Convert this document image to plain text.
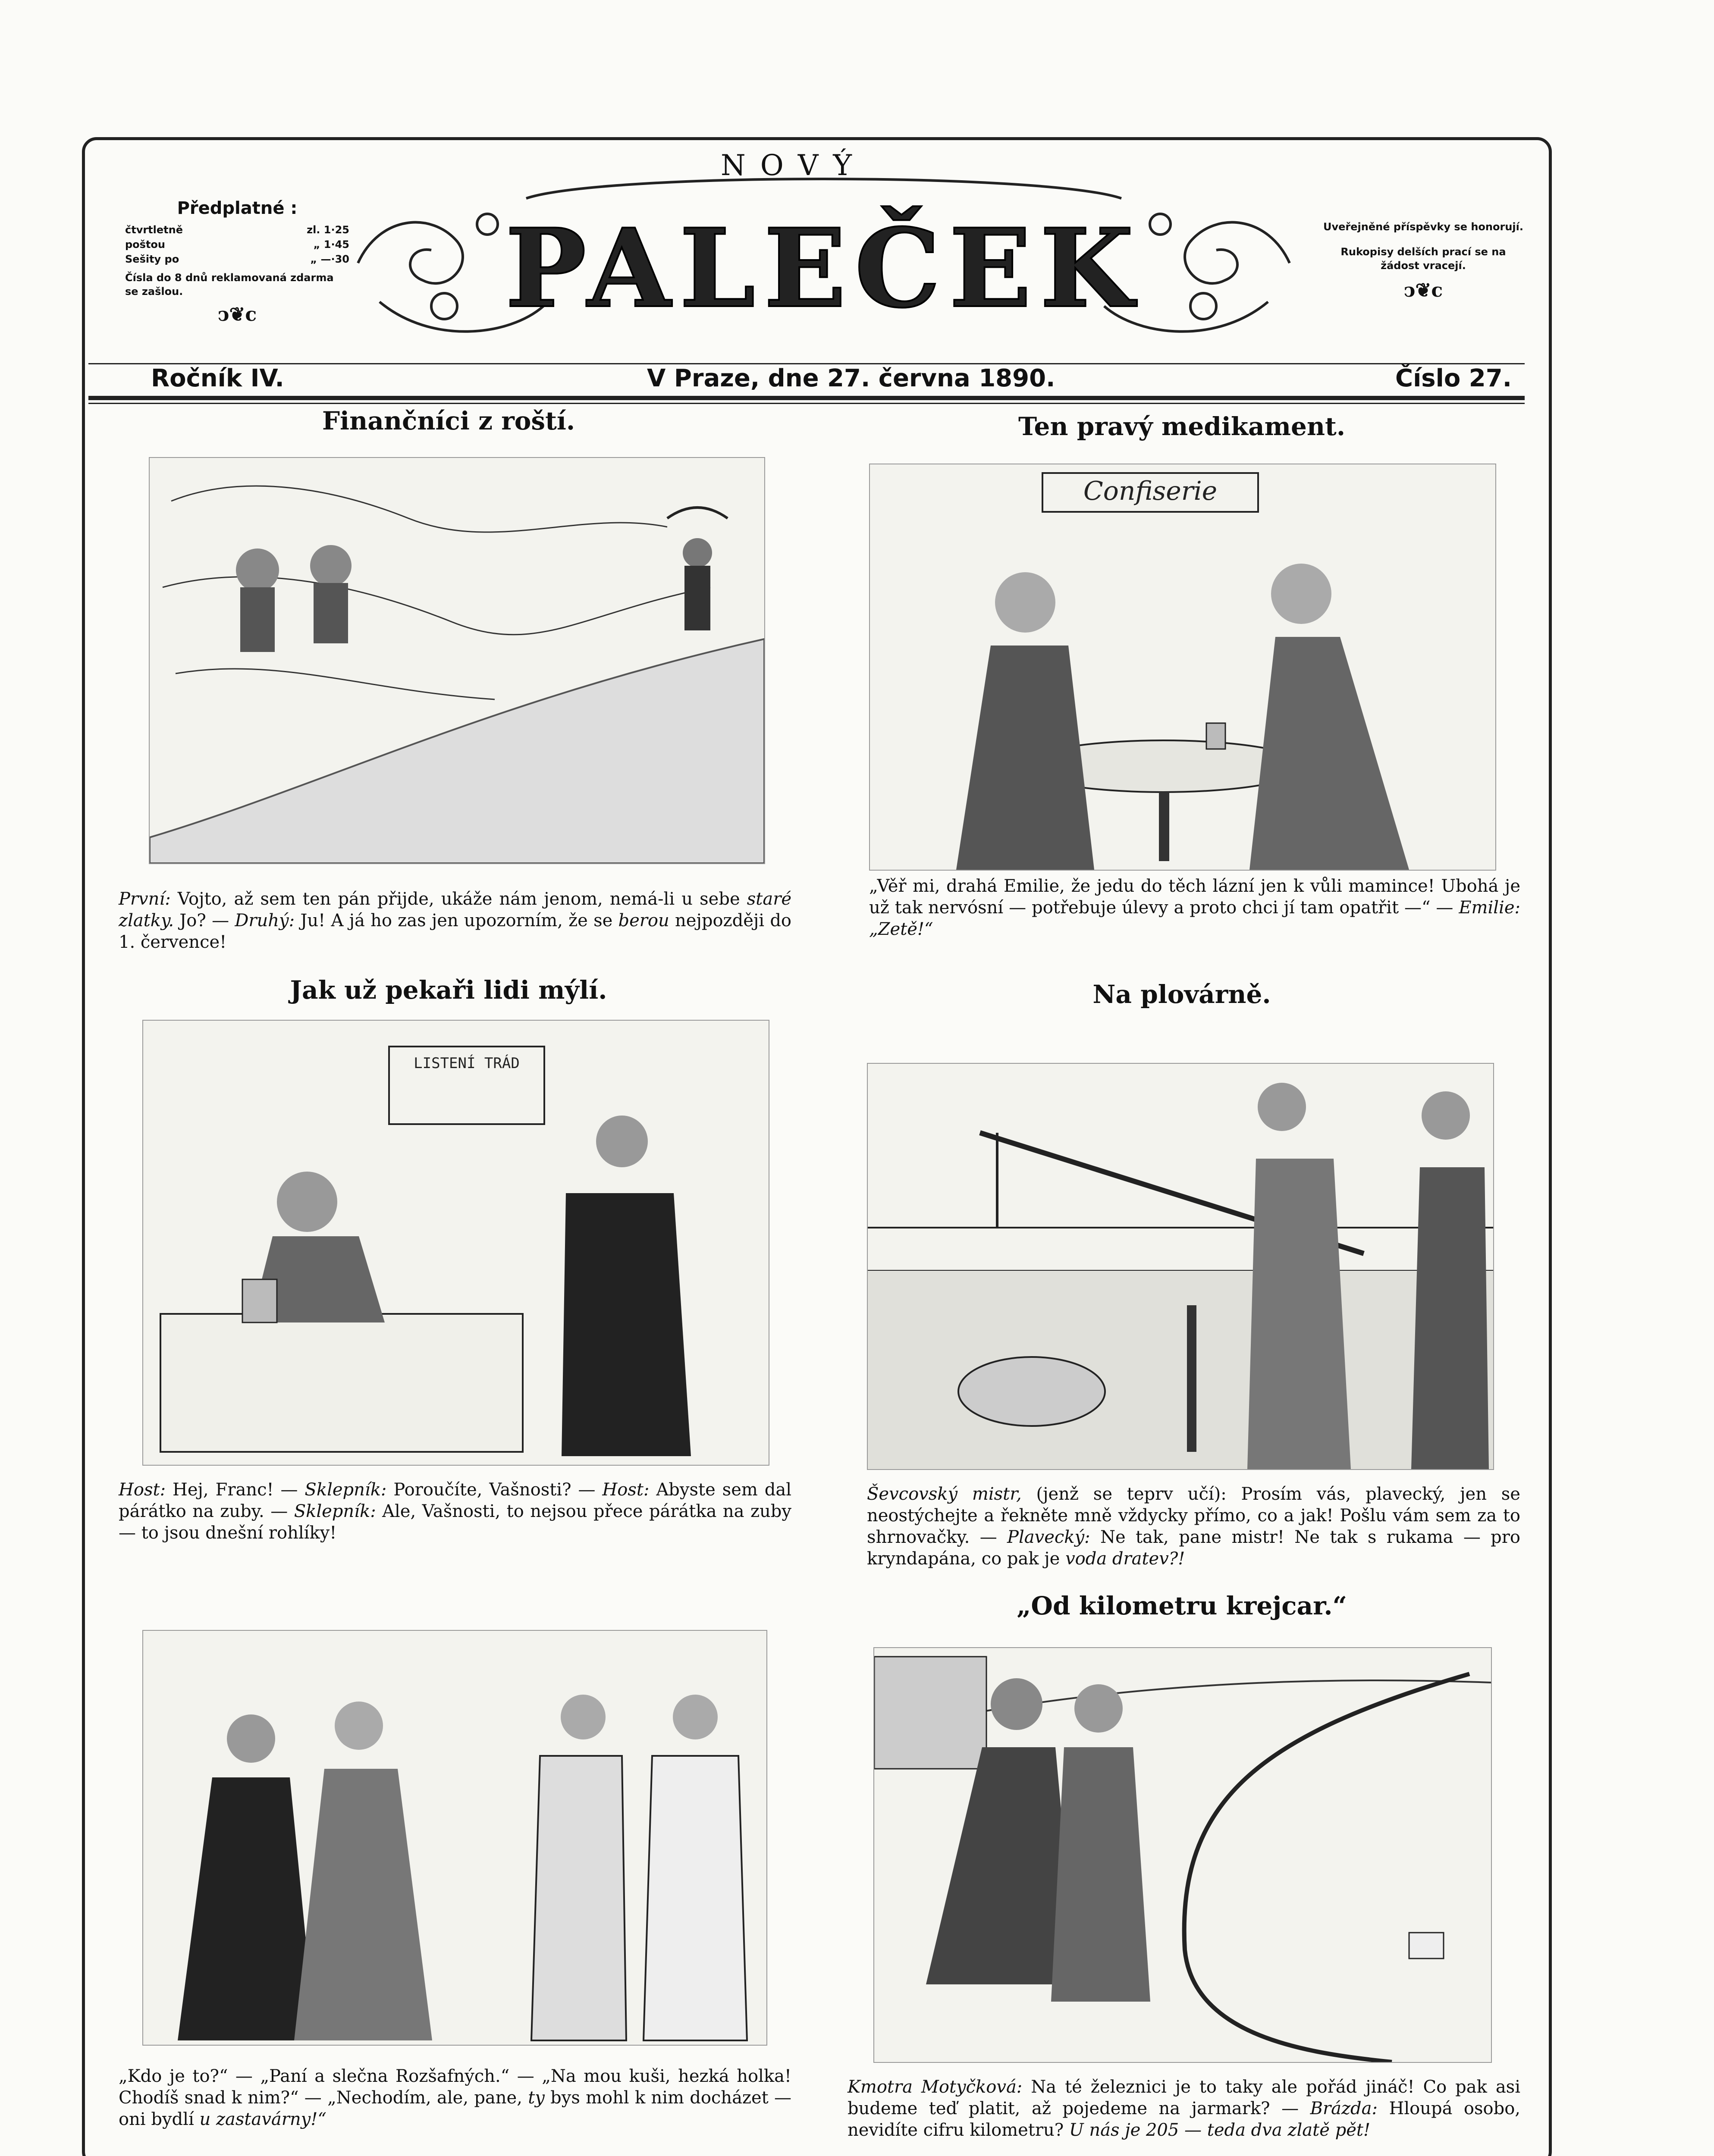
Předplatné :
čtvrtletně	zl. 1·25
poštou	„ 1·45
Sešity po	„ —·30
Čísla do 8 dnů reklamovaná zdarma se zašlou.
ↄ❦c
NOVÝ
PALEČEK	Uveřejněné příspěvky se honorují.

Rukopisy delších prací se na žádost vracejí.

ↄ❦c
Ročník IV.	V Praze, dne 27. června 1890.	Číslo 27.
Finančníci z roští.
První: Vojto, až sem ten pán přijde, ukáže nám jenom, nemá-li u sebe staré zlatky. Jo? — Druhý: Ju! A já ho zas jen upozorním, že se berou nejpozději do 1. července!
Ten pravý medikament.
Confiserie
„Věř mi, drahá Emilie, že jedu do těch lázní jen k vůli mamince! Ubohá je už tak nervósní — potřebuje úlevy a proto chci jí tam opatřit —“ — Emilie: „Zetě!“
Jak už pekaři lidi mýlí.
LISTENÍ TRÁD
Host: Hej, Franc! — Sklepník: Poroučíte, Vašnosti? — Host: Abyste sem dal párátko na zuby. — Sklepník: Ale, Vašnosti, to nejsou přece párátka na zuby — to jsou dnešní rohlíky!
Na plovárně.
Ševcovský mistr, (jenž se teprv učí): Prosím vás, plavecký, jen se neostýchejte a řekněte mně vždycky přímo, co a jak! Pošlu vám sem za to shrnovačky. — Plavecký: Ne tak, pane mistr! Ne tak s rukama — pro kryndapána, co pak je voda dratev?!
„Kdo je to?“ — „Paní a slečna Rozšafných.“ — „Na mou kuši, hezká holka! Chodíš snad k nim?“ — „Nechodím, ale, pane, ty bys mohl k nim docházet — oni bydlí u zastavárny!“
„Od kilometru krejcar.“
Kmotra Motyčková: Na té železnici je to taky ale pořád jináč! Co pak asi budeme teď platit, až pojedeme na jarmark? — Brázda: Hloupá osobo, nevidíte cifru kilometru? U nás je 205 — teda dva zlatě pět!
